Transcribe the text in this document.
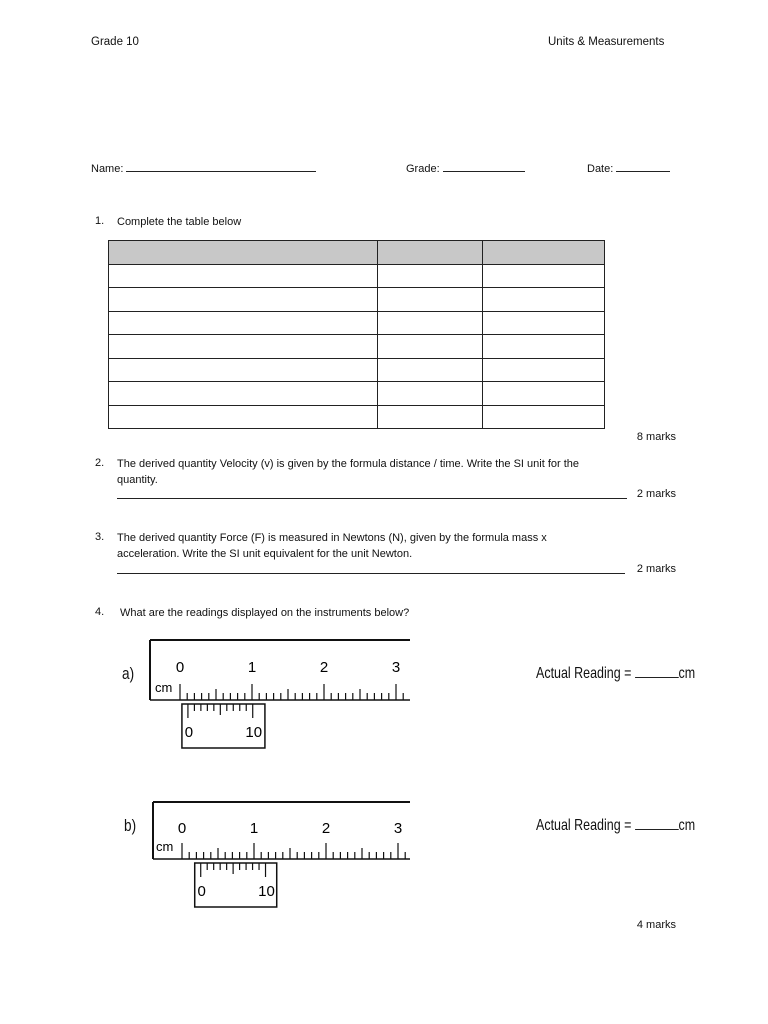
Grade 10	Units & Measurements
Name:	Grade:	Date:
1. Complete the table below

8 marks
2. The derived quantity Velocity (v) is given by the formula distance / time. Write the SI unit for the
quantity.
2 marks
3. The derived quantity Force (F) is measured in Newtons (N), given by the formula mass x
acceleration. Write the SI unit equivalent for the unit Newton.
2 marks
4. What are the readings displayed on the instruments below?
a)
cm
0	1	2	3
0	10
Actual Reading =	cm
b)
cm
0	1	2	3
0	10
Actual Reading =	cm
4 marks
